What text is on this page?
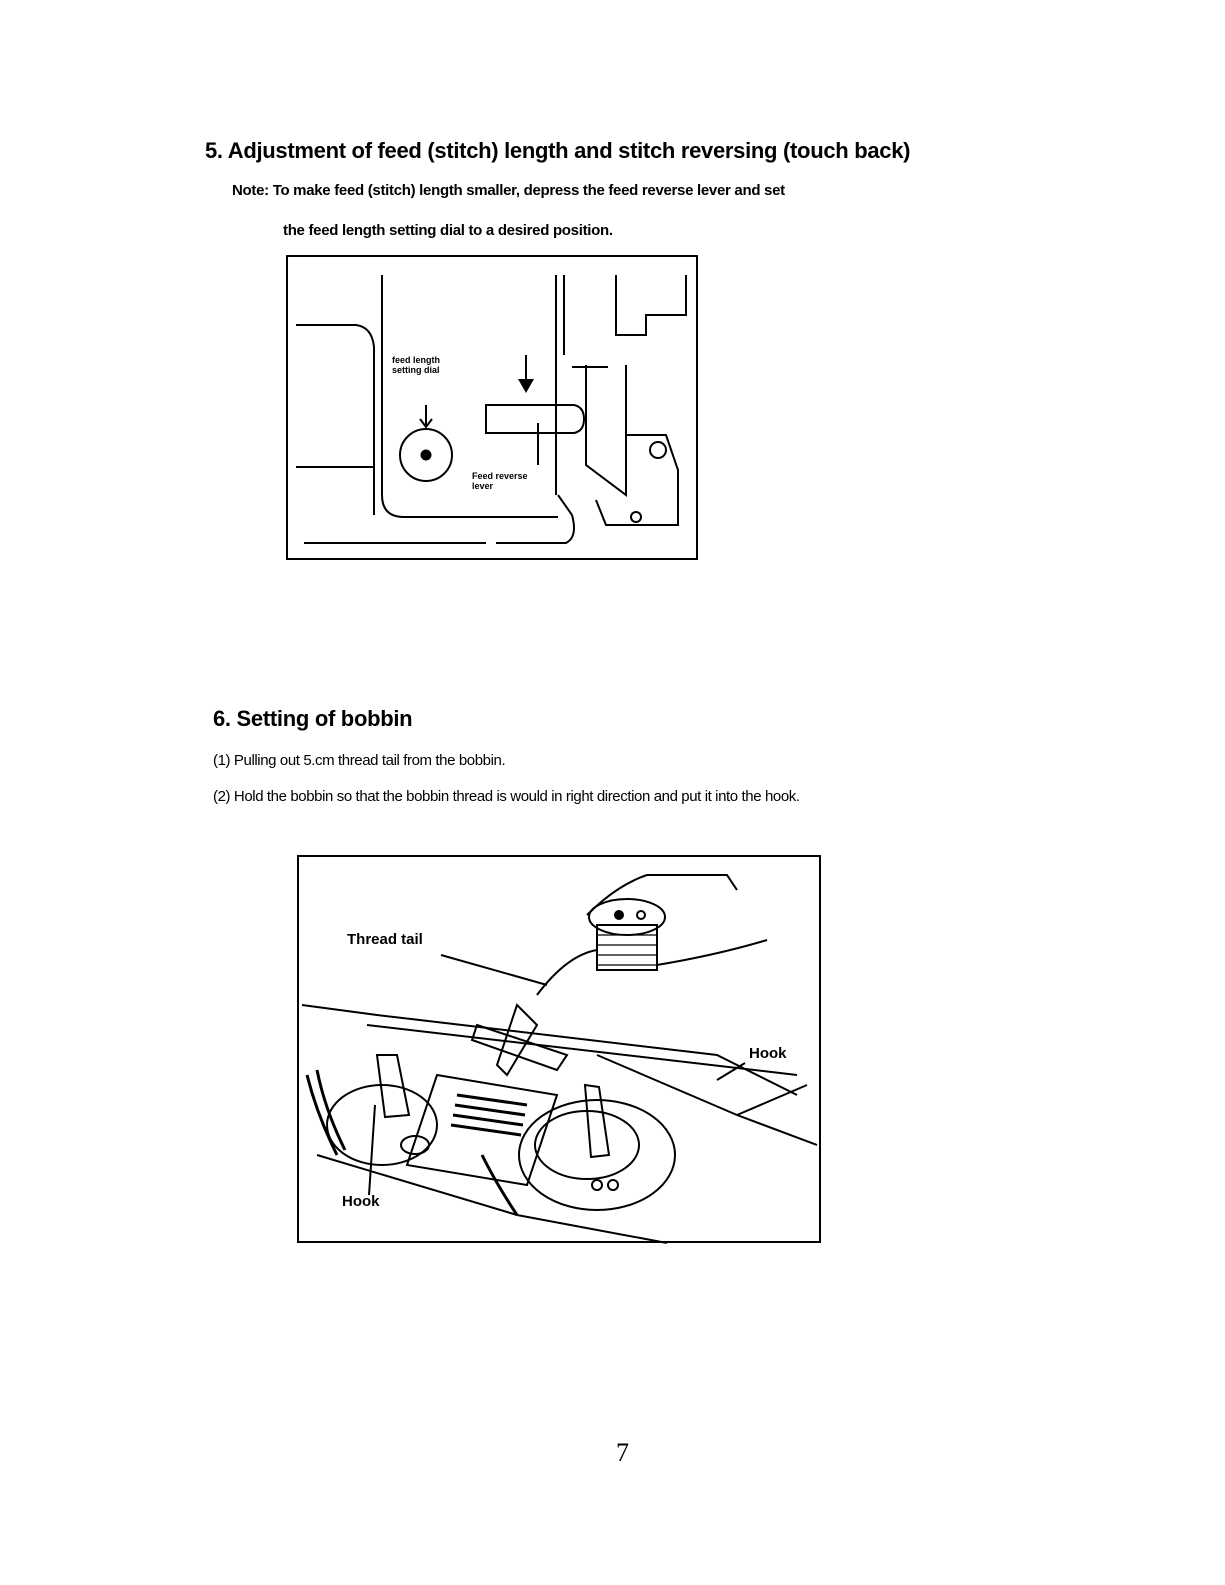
5. Adjustment of feed (stitch) length and stitch reversing (touch back)
Note: To make feed (stitch) length smaller, depress the feed reverse lever and set
the feed length setting dial to a desired position.
feed length
setting dial
Feed reverse
lever
6. Setting of bobbin
(1) Pulling out 5.cm thread tail from the bobbin.
(2) Hold the bobbin so that the bobbin thread is would in right direction and put it into the hook.
Thread tail
Hook
Hook
7
